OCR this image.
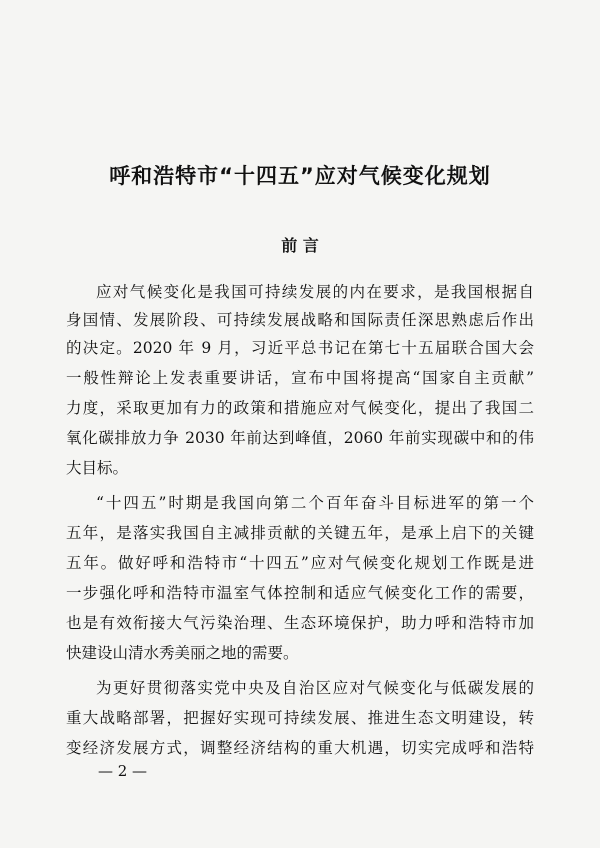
呼和浩特市“十四五”应对气候变化规划
前 言
应对气候变化是我国可持续发展的内在要求，是我国根据自
身国情、发展阶段、可持续发展战略和国际责任深思熟虑后作出
的决定。2020 年 9 月，习近平总书记在第七十五届联合国大会
一般性辩论上发表重要讲话，宣布中国将提高“国家自主贡献”
力度，采取更加有力的政策和措施应对气候变化，提出了我国二
氧化碳排放力争 2030 年前达到峰值，2060 年前实现碳中和的伟
大目标。
“十四五”时期是我国向第二个百年奋斗目标进军的第一个
五年，是落实我国自主减排贡献的关键五年，是承上启下的关键
五年。做好呼和浩特市“十四五”应对气候变化规划工作既是进
一步强化呼和浩特市温室气体控制和适应气候变化工作的需要，
也是有效衔接大气污染治理、生态环境保护，助力呼和浩特市加
快建设山清水秀美丽之地的需要。
为更好贯彻落实党中央及自治区应对气候变化与低碳发展的
重大战略部署，把握好实现可持续发展、推进生态文明建设，转
变经济发展方式，调整经济结构的重大机遇，切实完成呼和浩特
— 2 —
